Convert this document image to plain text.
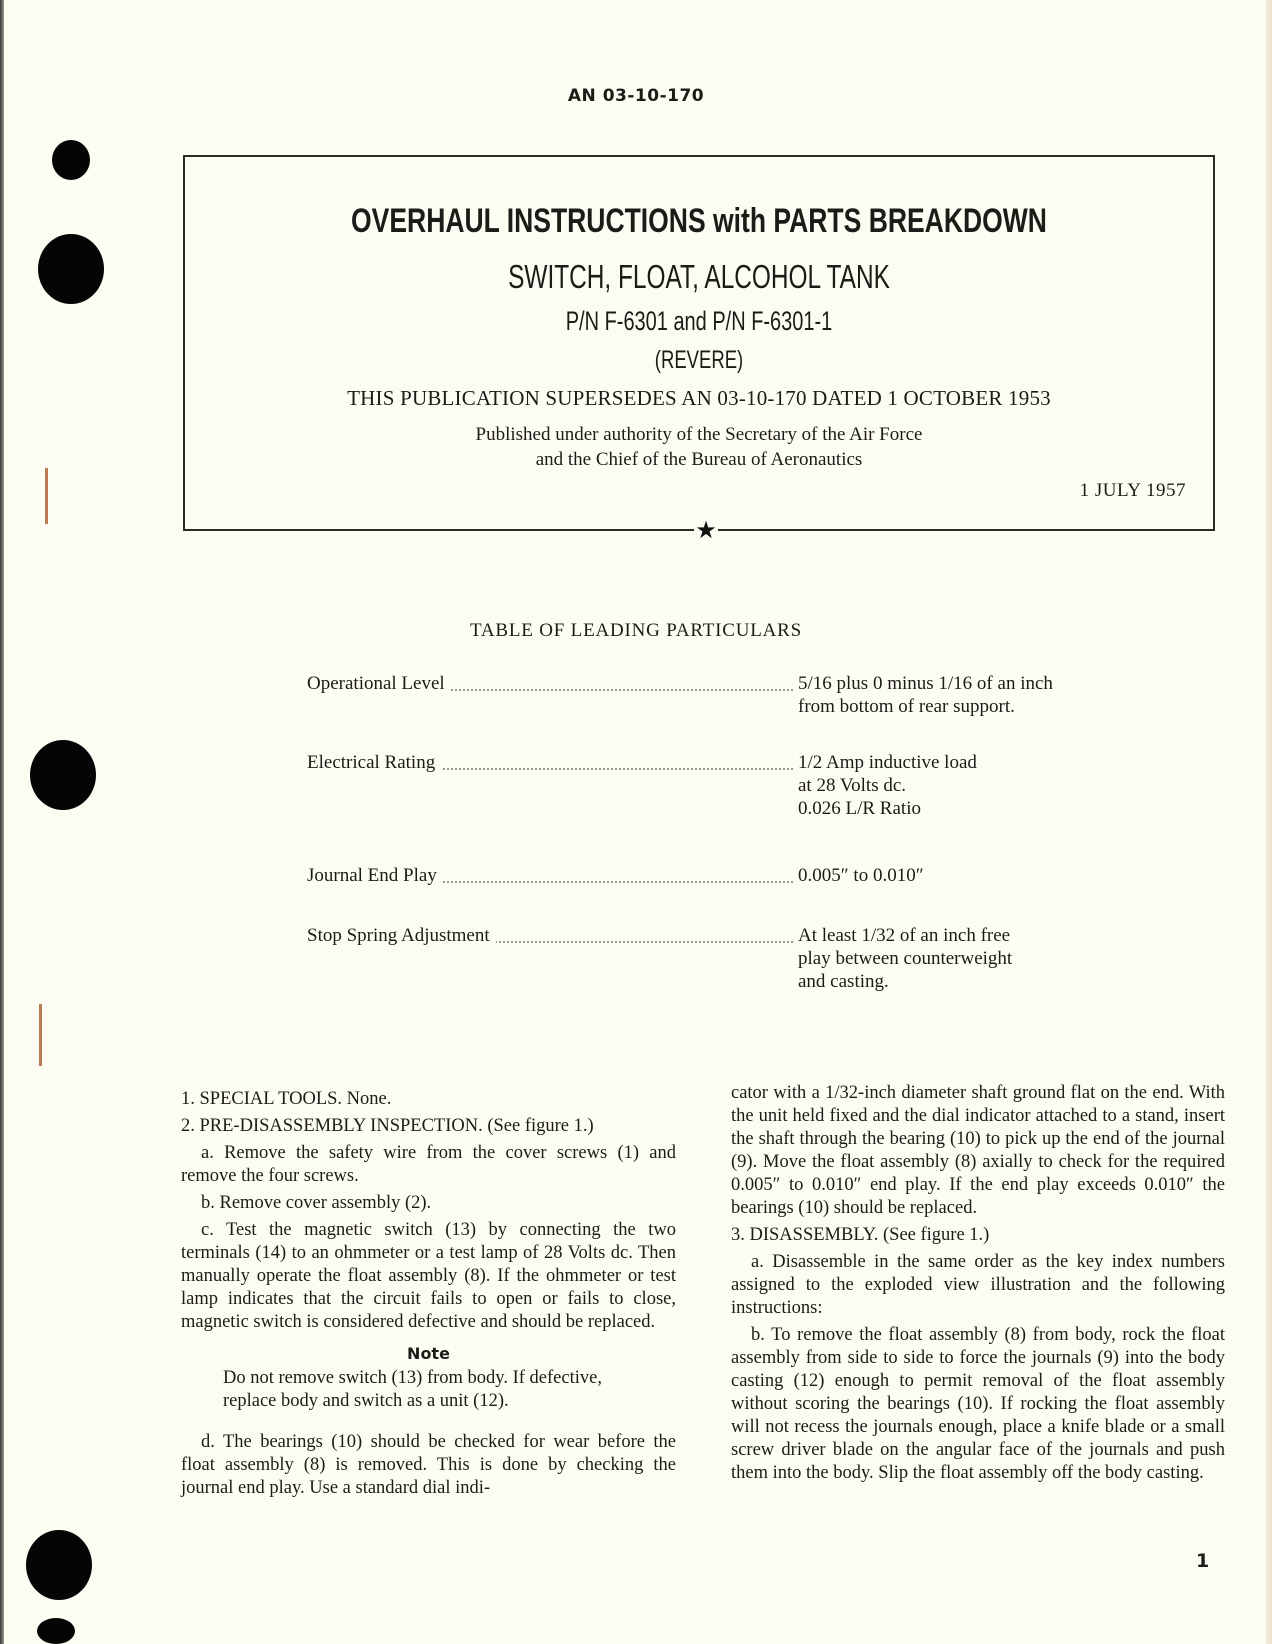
AN 03-10-170
★
OVERHAUL INSTRUCTIONS with PARTS BREAKDOWN
SWITCH, FLOAT, ALCOHOL TANK
P/N F-6301 and P/N F-6301-1
(REVERE)
THIS PUBLICATION SUPERSEDES AN 03-10-170 DATED 1 OCTOBER 1953
Published under authority of the Secretary of the Air Force
and the Chief of the Bureau of Aeronautics
1 JULY 1957
TABLE OF LEADING PARTICULARS
Operational Level	5/16 plus 0 minus 1/16 of an inch
from bottom of rear support.
Electrical Rating	1/2 Amp inductive load
at 28 Volts dc.
0.026 L/R Ratio
Journal End Play	0.005″ to 0.010″
Stop Spring Adjustment	At least 1/32 of an inch free
play between counterweight
and casting.

1. SPECIAL TOOLS. None.

2. PRE-DISASSEMBLY INSPECTION. (See figure 1.)

a. Remove the safety wire from the cover screws (1) and remove the four screws.

b. Remove cover assembly (2).

c. Test the magnetic switch (13) by connecting the two terminals (14) to an ohmmeter or a test lamp of 28 Volts dc. Then manually operate the float assembly (8). If the ohmmeter or test lamp indicates that the circuit fails to open or fails to close, magnetic switch is considered defective and should be replaced.

Note

Do not remove switch (13) from body. If defective, replace body and switch as a unit (12).

d. The bearings (10) should be checked for wear before the float assembly (8) is removed. This is done by checking the journal end play. Use a standard dial indi-

cator with a 1/32-inch diameter shaft ground flat on the end. With the unit held fixed and the dial indicator attached to a stand, insert the shaft through the bearing (10) to pick up the end of the journal (9). Move the float assembly (8) axially to check for the required 0.005″ to 0.010″ end play. If the end play exceeds 0.010″ the bearings (10) should be replaced.

3. DISASSEMBLY. (See figure 1.)

a. Disassemble in the same order as the key index numbers assigned to the exploded view illustration and the following instructions:

b. To remove the float assembly (8) from body, rock the float assembly from side to side to force the journals (9) into the body casting (12) enough to permit removal of the float assembly without scoring the bearings (10). If rocking the float assembly will not recess the journals enough, place a knife blade or a small screw driver blade on the angular face of the journals and push them into the body. Slip the float assembly off the body casting.

1
